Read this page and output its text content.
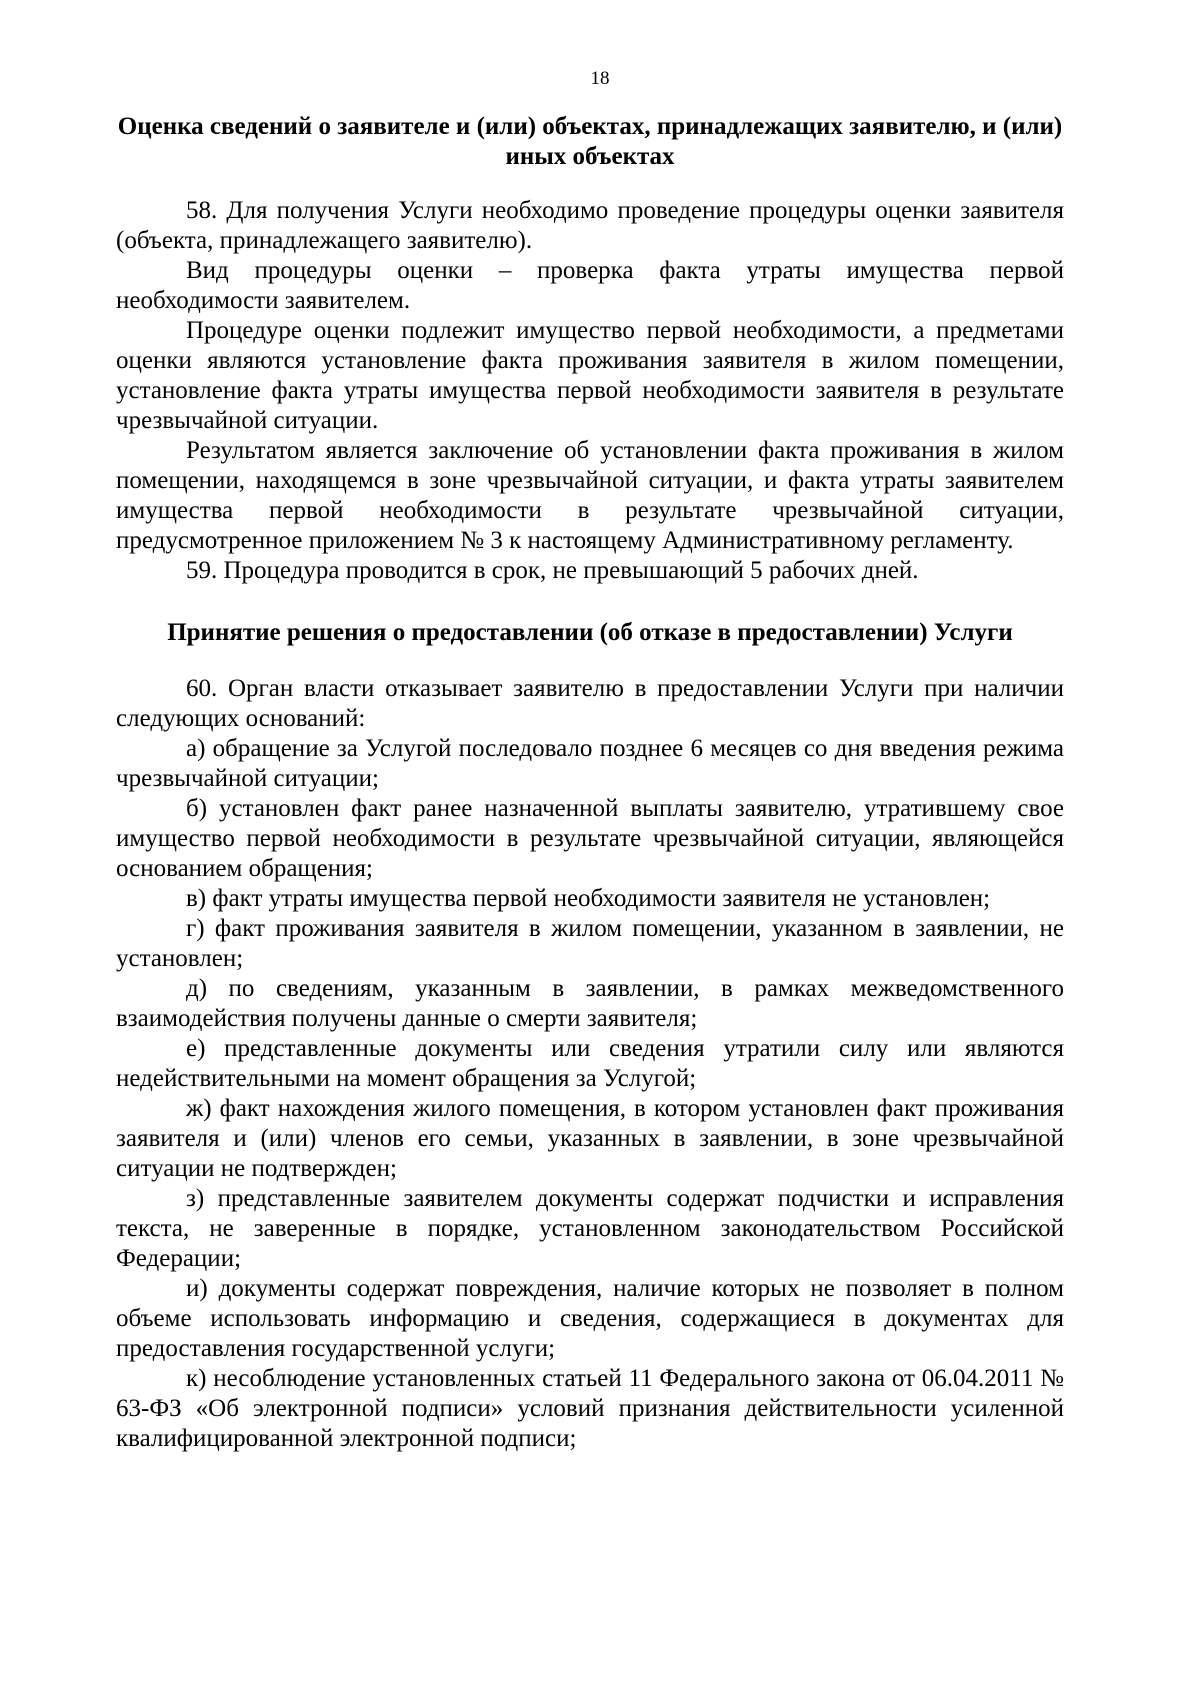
18
Оценка сведений о заявителе и (или) объектах, принадлежащих заявителю, и (или) иных объектах

58. Для получения Услуги необходимо проведение процедуры оценки заявителя (объекта, принадлежащего заявителю).

Вид процедуры оценки – проверка факта утраты имущества первой необходимости заявителем.

Процедуре оценки подлежит имущество первой необходимости, а предметами оценки являются установление факта проживания заявителя в жилом помещении, установление факта утраты имущества первой необходимости заявителя в результате чрезвычайной ситуации.

Результатом является заключение об установлении факта проживания в жилом помещении, находящемся в зоне чрезвычайной ситуации, и факта утраты заявителем имущества первой необходимости в результате чрезвычайной ситуации, предусмотренное приложением № 3 к настоящему Административному регламенту.

59. Процедура проводится в срок, не превышающий 5 рабочих дней.

Принятие решения о предоставлении (об отказе в предоставлении) Услуги

60. Орган власти отказывает заявителю в предоставлении Услуги при наличии следующих оснований:

а) обращение за Услугой последовало позднее 6 месяцев со дня введения режима чрезвычайной ситуации;

б) установлен факт ранее назначенной выплаты заявителю, утратившему свое имущество первой необходимости в результате чрезвычайной ситуации, являющейся основанием обращения;

в) факт утраты имущества первой необходимости заявителя не установлен;

г) факт проживания заявителя в жилом помещении, указанном в заявлении, не установлен;

д) по сведениям, указанным в заявлении, в рамках межведомственного взаимодействия получены данные о смерти заявителя;

е) представленные документы или сведения утратили силу или являются недействительными на момент обращения за Услугой;

ж) факт нахождения жилого помещения, в котором установлен факт проживания заявителя и (или) членов его семьи, указанных в заявлении, в зоне чрезвычайной ситуации не подтвержден;

з) представленные заявителем документы содержат подчистки и исправления текста, не заверенные в порядке, установленном законодательством Российской Федерации;

и) документы содержат повреждения, наличие которых не позволяет в полном объеме использовать информацию и сведения, содержащиеся в документах для предоставления государственной услуги;

к) несоблюдение установленных статьей 11 Федерального закона от 06.04.2011 № 63-ФЗ «Об электронной подписи» условий признания действительности усиленной квалифицированной электронной подписи;
